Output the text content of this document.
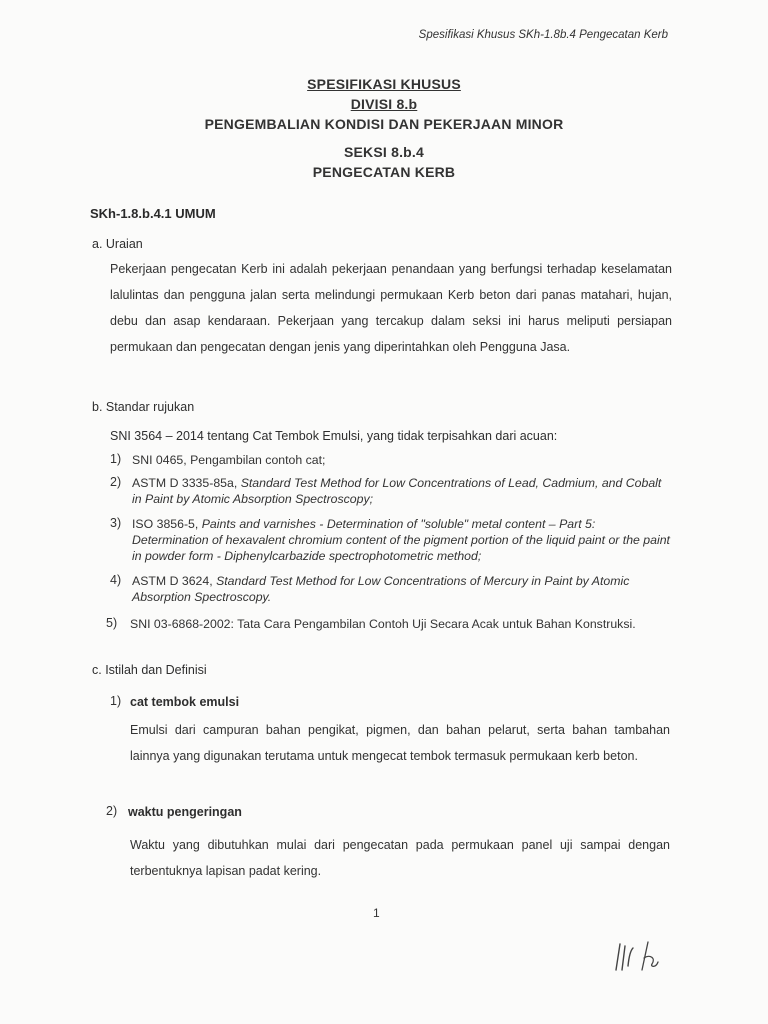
Spesifikasi Khusus SKh-1.8b.4 Pengecatan Kerb
SPESIFIKASI KHUSUS
DIVISI 8.b
PENGEMBALIAN KONDISI DAN PEKERJAAN MINOR
SEKSI 8.b.4
PENGECATAN KERB
SKh-1.8.b.4.1 UMUM
a. Uraian
Pekerjaan pengecatan Kerb ini adalah pekerjaan penandaan yang berfungsi terhadap keselamatan lalulintas dan pengguna jalan serta melindungi permukaan Kerb beton dari panas matahari, hujan, debu dan asap kendaraan. Pekerjaan yang tercakup dalam seksi ini harus meliputi persiapan permukaan dan pengecatan dengan jenis yang diperintahkan oleh Pengguna Jasa.
b. Standar rujukan
SNI 3564 – 2014 tentang Cat Tembok Emulsi, yang tidak terpisahkan dari acuan:
1) SNI 0465, Pengambilan contoh cat;
2) ASTM D 3335-85a, Standard Test Method for Low Concentrations of Lead, Cadmium, and Cobalt in Paint by Atomic Absorption Spectroscopy;
3) ISO 3856-5, Paints and varnishes - Determination of "soluble" metal content – Part 5: Determination of hexavalent chromium content of the pigment portion of the liquid paint or the paint in powder form - Diphenylcarbazide spectrophotometric method;
4) ASTM D 3624, Standard Test Method for Low Concentrations of Mercury in Paint by Atomic Absorption Spectroscopy.
5) SNI 03-6868-2002: Tata Cara Pengambilan Contoh Uji Secara Acak untuk Bahan Konstruksi.
c. Istilah dan Definisi
1) cat tembok emulsi
Emulsi dari campuran bahan pengikat, pigmen, dan bahan pelarut, serta bahan tambahan lainnya yang digunakan terutama untuk mengecat tembok termasuk permukaan kerb beton.
2) waktu pengeringan
Waktu yang dibutuhkan mulai dari pengecatan pada permukaan panel uji sampai dengan terbentuknya lapisan padat kering.
1
